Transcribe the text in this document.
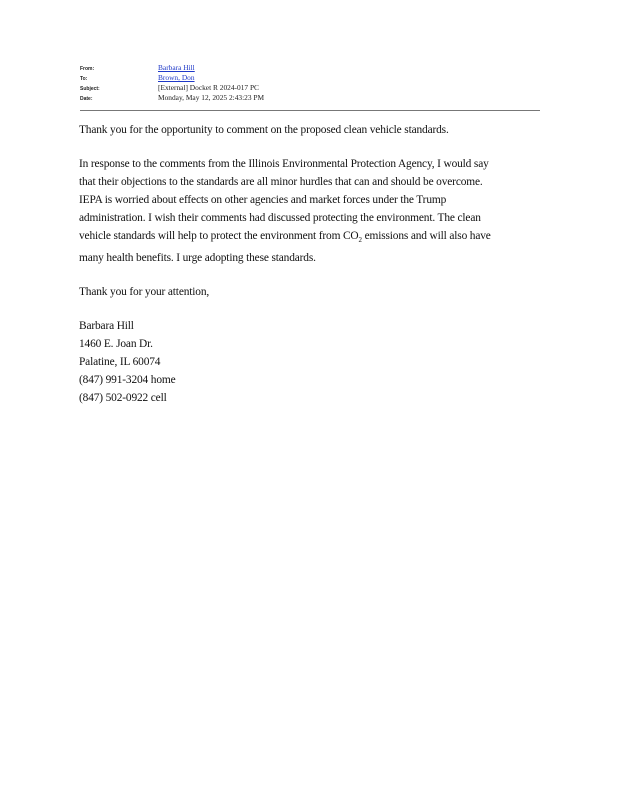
From:	Barbara Hill
To:	Brown, Don
Subject:	[External] Docket R 2024-017 PC
Date:	Monday, May 12, 2025 2:43:23 PM

Thank you for the opportunity to comment on the proposed clean vehicle standards.

In response to the comments from the Illinois Environmental Protection Agency, I would say
that their objections to the standards are all minor hurdles that can and should be overcome.
IEPA is worried about effects on other agencies and market forces under the Trump
administration. I wish their comments had discussed protecting the environment. The clean
vehicle standards will help to protect the environment from $CO_2$ emissions and will also have
many health benefits. I urge adopting these standards.

Thank you for your attention,

Barbara Hill
1460 E. Joan Dr.
Palatine, IL 60074
(847) 991-3204 home
(847) 502-0922 cell
